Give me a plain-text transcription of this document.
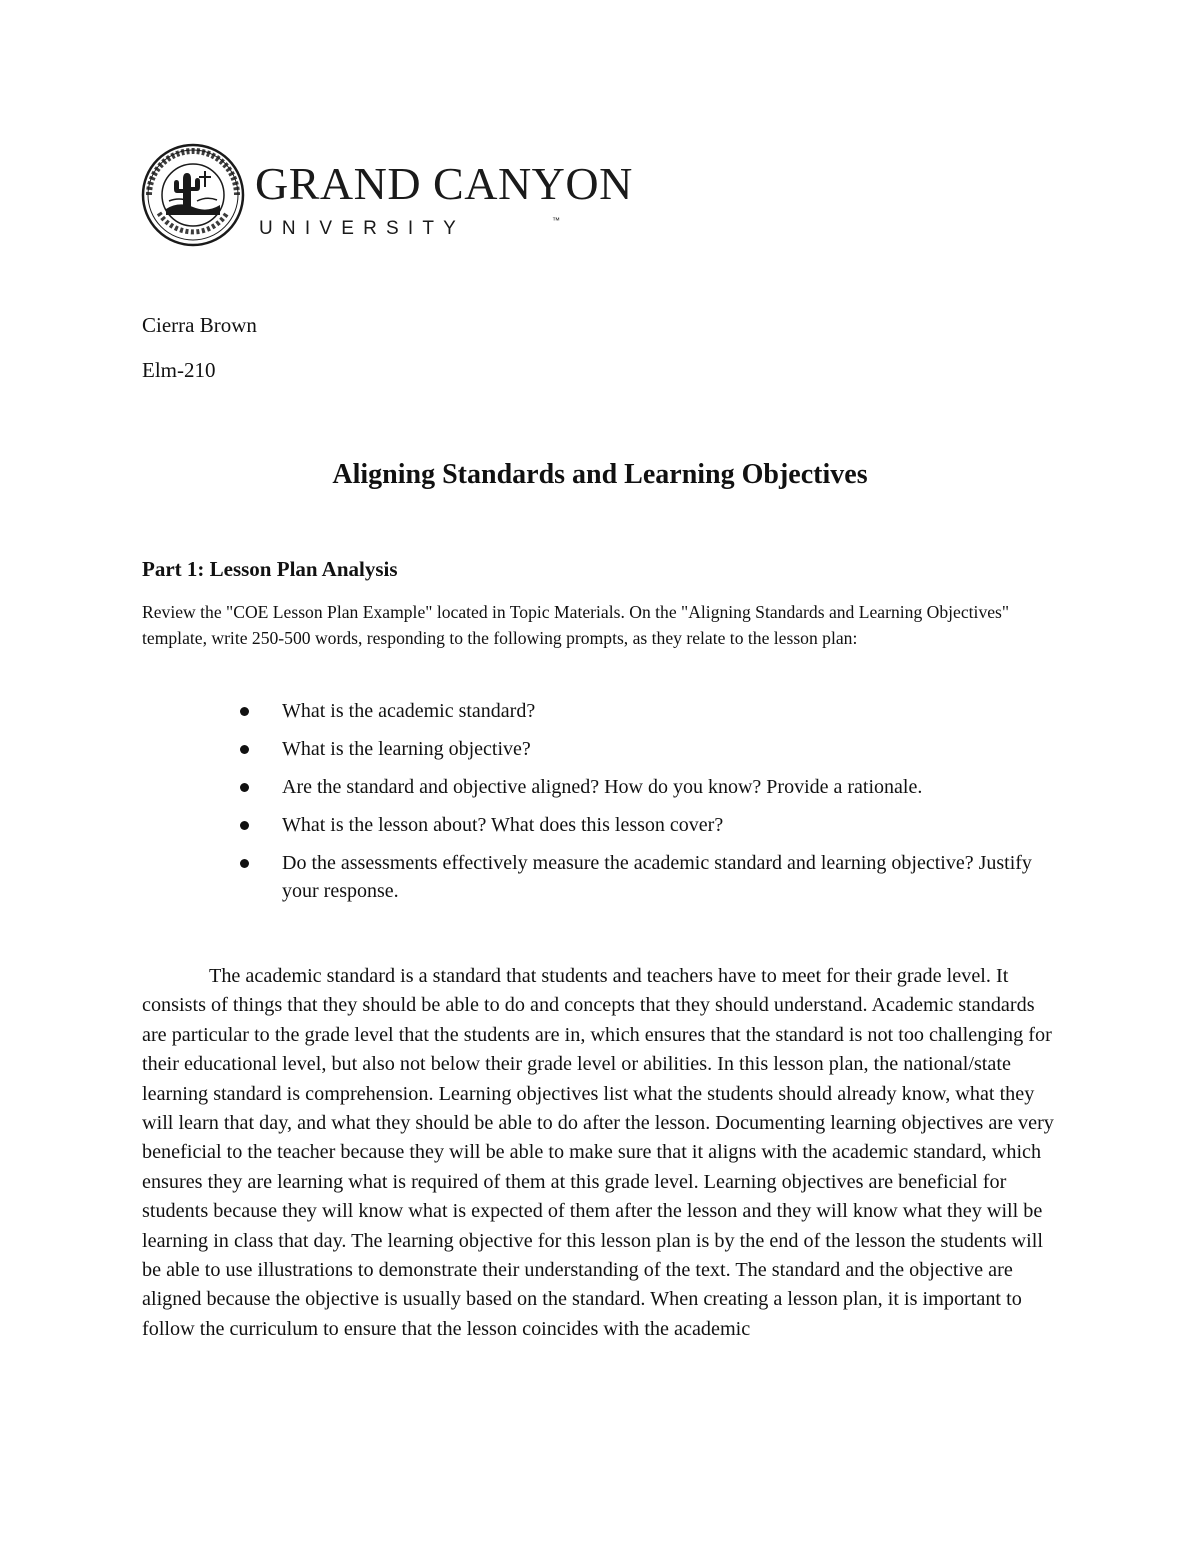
GRAND CANYON
UNIVERSITY	™
Cierra Brown
Elm-210
Aligning Standards and Learning Objectives
Part 1: Lesson Plan Analysis

Review the "COE Lesson Plan Example" located in Topic Materials. On the "Aligning Standards and Learning Objectives" template, write 250-500 words, responding to the following prompts, as they relate to the lesson plan:

What is the academic standard?
What is the learning objective?
Are the standard and objective aligned? How do you know? Provide a rationale.
What is the lesson about? What does this lesson cover?
Do the assessments effectively measure the academic standard and learning objective? Justify your response.

The academic standard is a standard that students and teachers have to meet for their grade level. It consists of things that they should be able to do and concepts that they should understand. Academic standards are particular to the grade level that the students are in, which ensures that the standard is not too challenging for their educational level, but also not below their grade level or abilities. In this lesson plan, the national/state learning standard is comprehension. Learning objectives list what the students should already know, what they will learn that day, and what they should be able to do after the lesson. Documenting learning objectives are very beneficial to the teacher because they will be able to make sure that it aligns with the academic standard, which ensures they are learning what is required of them at this grade level. Learning objectives are beneficial for students because they will know what is expected of them after the lesson and they will know what they will be learning in class that day. The learning objective for this lesson plan is by the end of the lesson the students will be able to use illustrations to demonstrate their understanding of the text. The standard and the objective are aligned because the objective is usually based on the standard. When creating a lesson plan, it is important to follow the curriculum to ensure that the lesson coincides with the academic
